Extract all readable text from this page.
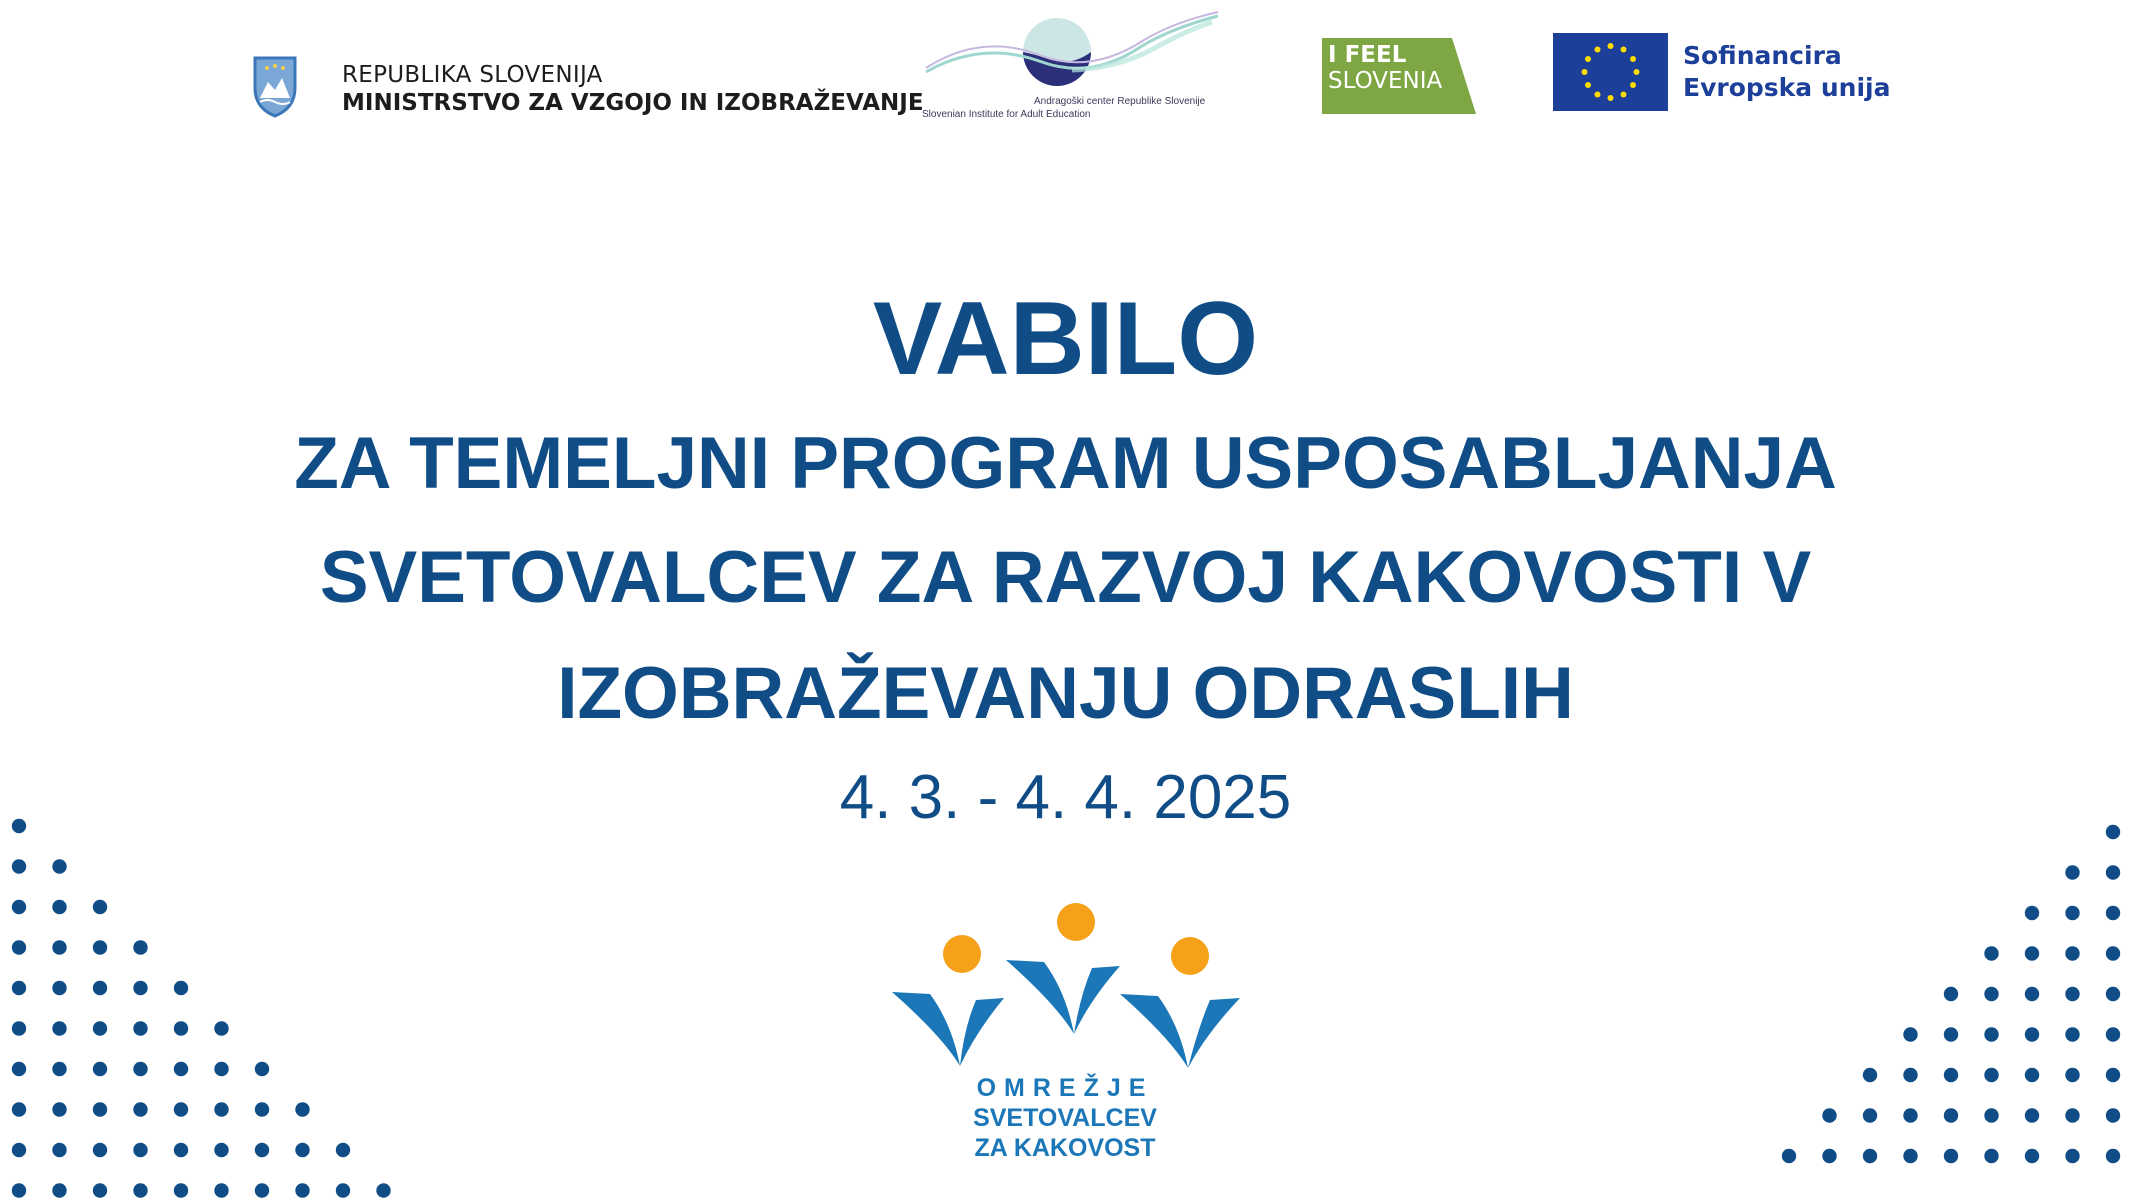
REPUBLIKA SLOVENIJA
MINISTRSTVO ZA VZGOJO IN IZOBRAŽEVANJE	Andragoški center Republike Slovenije
Slovenian Institute for Adult Education
I FEEL
SLOVENIA
Sofinancira
Evropska unija
VABILO
ZA TEMELJNI PROGRAM USPOSABLJANJA
SVETOVALCEV ZA RAZVOJ KAKOVOSTI V
IZOBRAŽEVANJU ODRASLIH
4. 3. - 4. 4. 2025
OMREŽJE
SVETOVALCEV
ZA KAKOVOST
